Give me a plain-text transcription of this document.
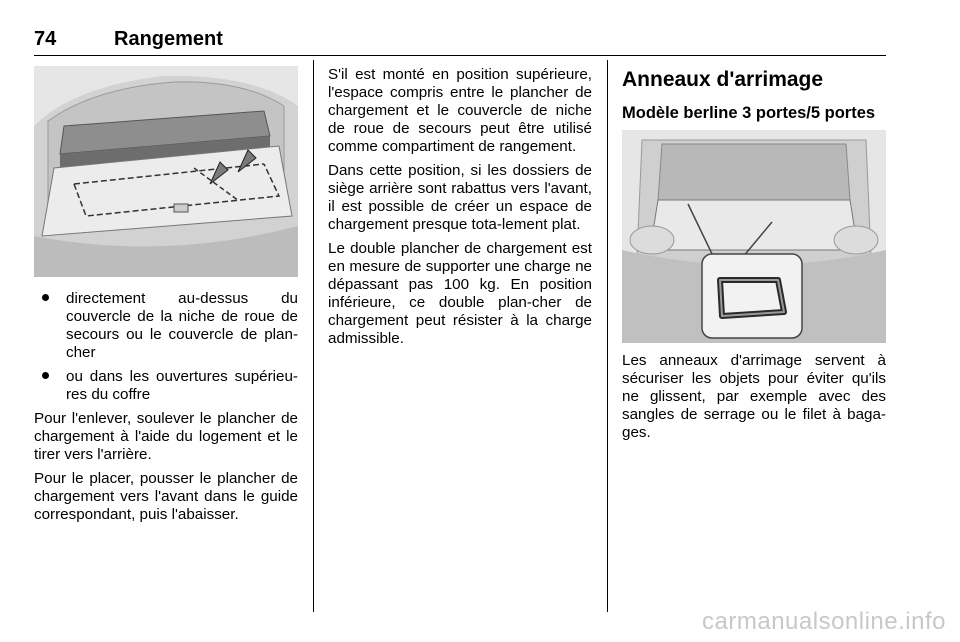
74	Rangement
directement au-dessus du couvercle de la niche de roue de secours ou le couvercle de plan-cher
ou dans les ouvertures supérieu-res du coffre

Pour l'enlever, soulever le plancher de chargement à l'aide du logement et le tirer vers l'arrière.

Pour le placer, pousser le plancher de chargement vers l'avant dans le guide correspondant, puis l'abaisser.

S'il est monté en position supérieure, l'espace compris entre le plancher de chargement et le couvercle de niche de roue de secours peut être utilisé comme compartiment de rangement.

Dans cette position, si les dossiers de siège arrière sont rabattus vers l'avant, il est possible de créer un espace de chargement presque tota-lement plat.

Le double plancher de chargement est en mesure de supporter une charge ne dépassant pas 100 kg. En position inférieure, ce double plan-cher de chargement peut résister à la charge admissible.

Anneaux d'arrimage
Modèle berline 3 portes/5 portes

Les anneaux d'arrimage servent à sécuriser les objets pour éviter qu'ils ne glissent, par exemple avec des sangles de serrage ou le filet à baga-ges.

carmanualsonline.info
